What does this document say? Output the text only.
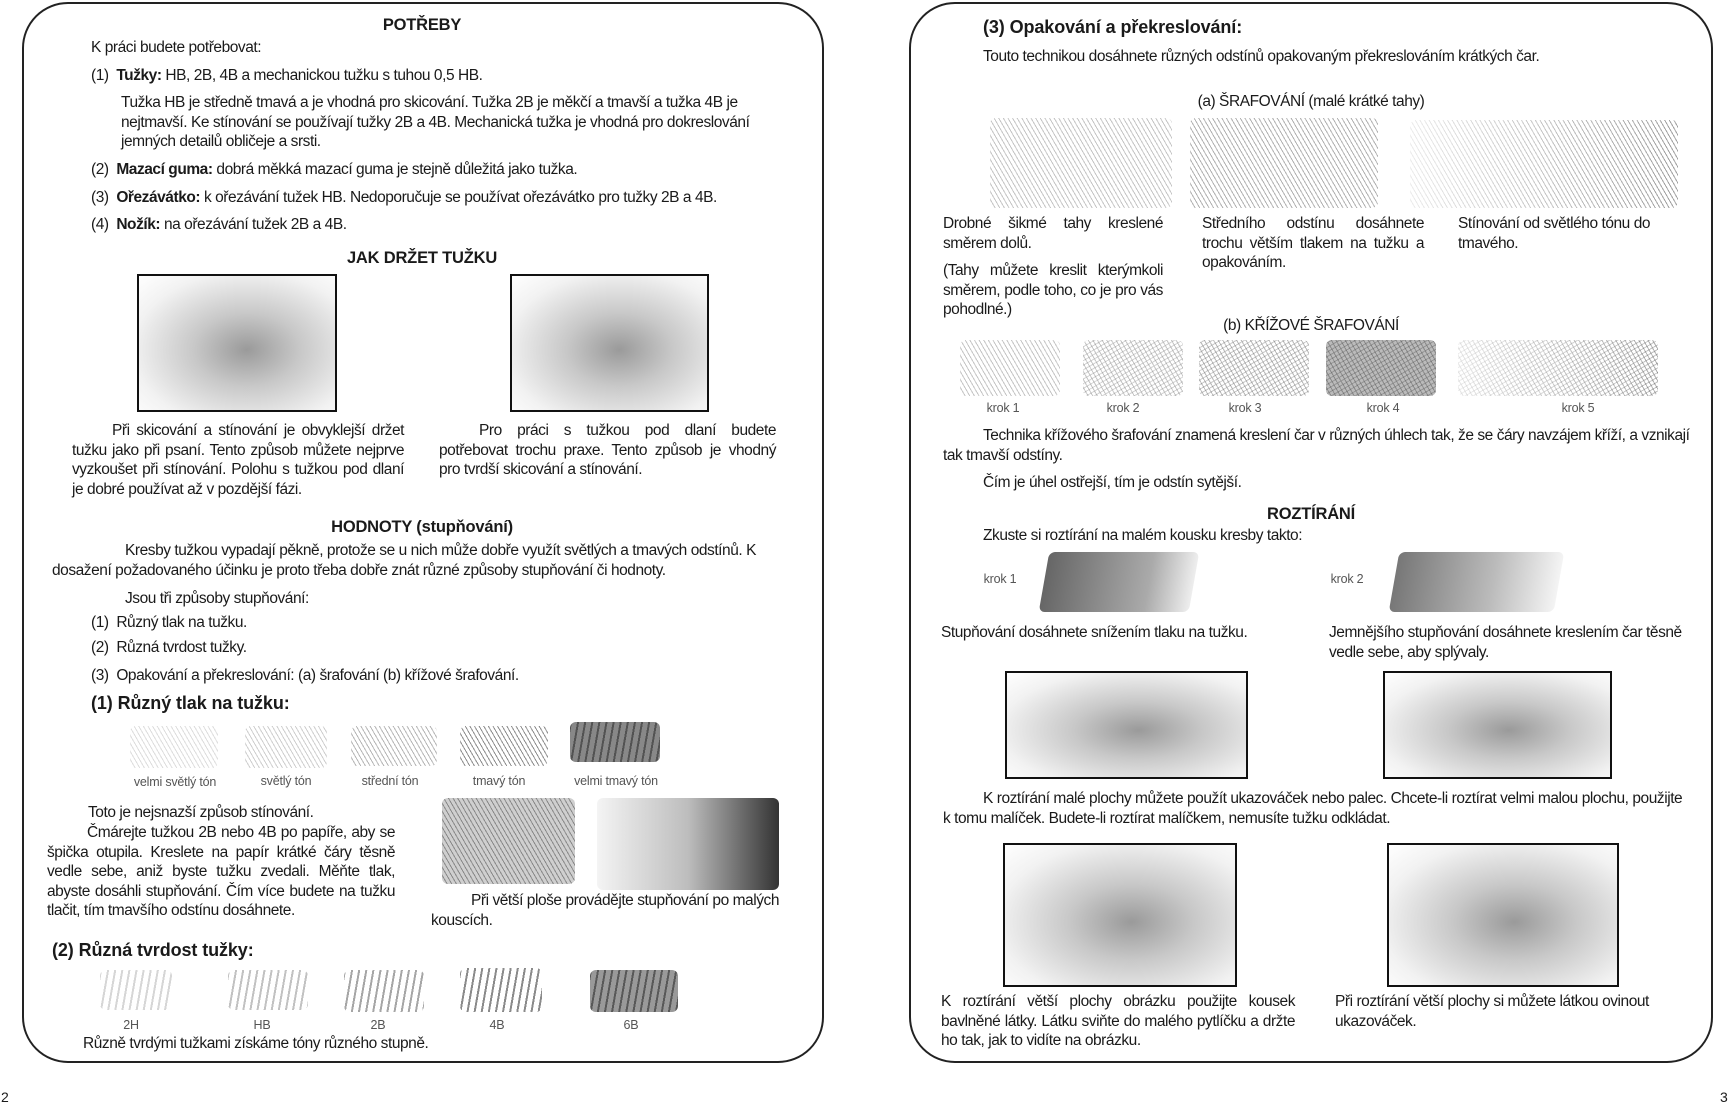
POTŘEBY
K práci budete potřebovat:
(1) Tužky: HB, 2B, 4B a mechanickou tužku s tuhou 0,5 HB.
Tužka HB je středně tmavá a je vhodná pro skicování. Tužka 2B je měkčí a tmavší a tužka 4B je nejtmavší. Ke stínování se používají tužky 2B a 4B. Mechanická tužka je vhodná pro dokreslování jemných detailů obličeje a srsti.
(2) Mazací guma: dobrá měkká mazací guma je stejně důležitá jako tužka.
(3) Ořezávátko: k ořezávání tužek HB. Nedoporučuje se používat ořezávátko pro tužky 2B a 4B.
(4) Nožík: na ořezávání tužek 2B a 4B.
JAK DRŽET TUŽKU
Při skicování a stínování je obvyklejší držet tužku jako při psaní. Tento způsob můžete nejprve vyzkoušet při stínování. Polohu s tužkou pod dlaní je dobré používat až v pozdější fázi.
Pro práci s tužkou pod dlaní budete potřebovat trochu praxe. Tento způsob je vhodný pro tvrdší skicování a stínování.
HODNOTY (stupňování)
Kresby tužkou vypadají pěkně, protože se u nich může dobře využít světlých a tmavých odstínů. K dosažení požadovaného účinku je proto třeba dobře znát různé způsoby stupňování či hodnoty.
Jsou tři způsoby stupňování:
(1) Různý tlak na tužku.
(2) Různá tvrdost tužky.
(3) Opakování a překreslování: (a) šrafování (b) křížové šrafování.
(1) Různý tlak na tužku:
velmi světlý tón	světlý tón	střední tón	tmavý tón	velmi tmavý tón
Toto je nejsnazší způsob stínování.
Čmárejte tužkou 2B nebo 4B po papíře, aby se špička otupila. Kreslete na papír krátké čáry těsně vedle sebe, aniž byste tužku zvedali. Měňte tlak, abyste dosáhli stupňování. Čím více budete na tužku tlačit, tím tmavšího odstínu dosáhnete.
Při větší ploše provádějte stupňování po malých kouscích.
(2) Různá tvrdost tužky:
2H	HB	2B	4B	6B
Různě tvrdými tužkami získáme tóny různého stupně.
2
(3) Opakování a překreslování:
Touto technikou dosáhnete různých odstínů opakovaným překreslováním krátkých čar.
(a) ŠRAFOVÁNÍ (malé krátké tahy)
Drobné šikmé tahy kreslené směrem dolů.
(Tahy můžete kreslit kterýmkoli směrem, podle toho, co je pro vás pohodlné.)
Středního odstínu dosáhnete trochu větším tlakem na tužku a opakováním.
Stínování od světlého tónu do tmavého.
(b) KŘÍŽOVÉ ŠRAFOVÁNÍ
krok 1	krok 2	krok 3	krok 4	krok 5
Technika křížového šrafování znamená kreslení čar v různých úhlech tak, že se čáry navzájem kříží, a vznikají tak tmavší odstíny.
Čím je úhel ostřejší, tím je odstín sytější.
ROZTÍRÁNÍ
Zkuste si roztírání na malém kousku kresby takto:
krok 1	krok 2
Stupňování dosáhnete snížením tlaku na tužku.	Jemnějšího stupňování dosáhnete kreslením čar těsně vedle sebe, aby splývaly.
K roztírání malé plochy můžete použít ukazováček nebo palec. Chcete-li roztírat velmi malou plochu, použijte k tomu malíček. Budete-li roztírat malíčkem, nemusíte tužku odkládat.
K roztírání větší plochy obrázku použijte kousek bavlněné látky. Látku sviňte do malého pytlíčku a držte ho tak, jak to vidíte na obrázku.
Při roztírání větší plochy si můžete látkou ovinout ukazováček.
3
